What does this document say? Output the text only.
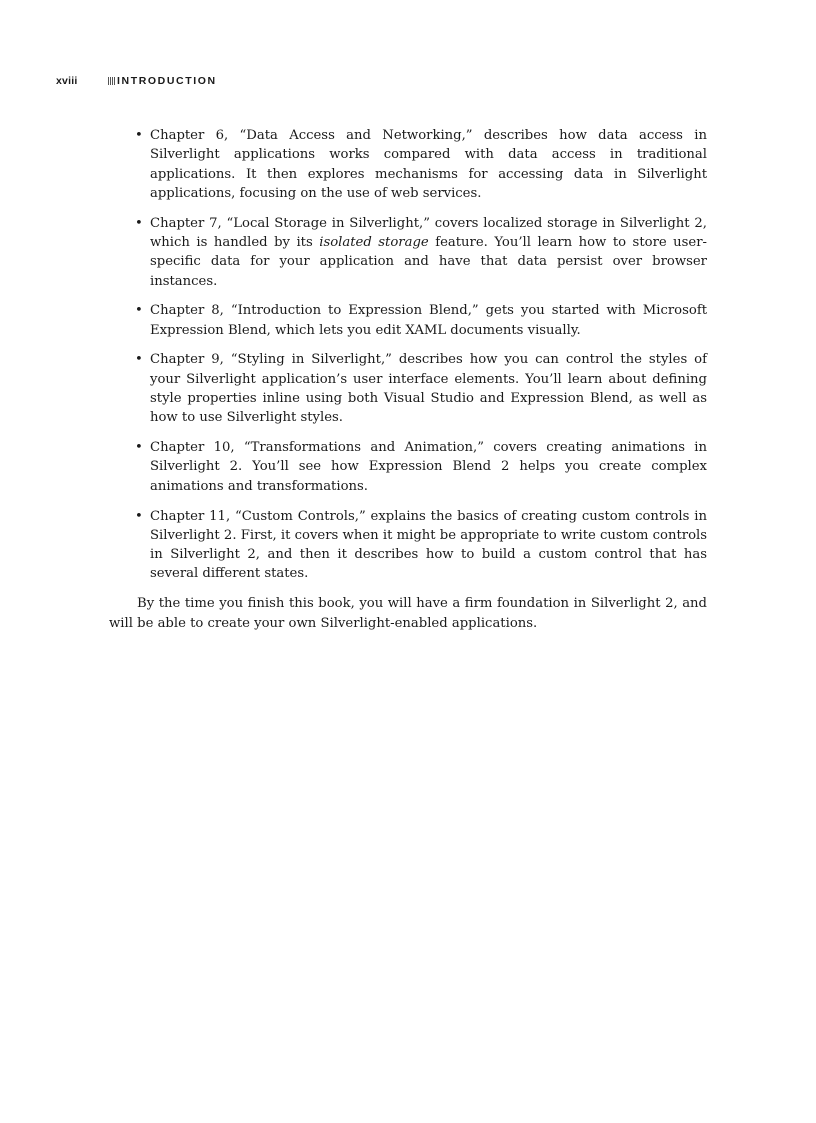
xviii	INTRODUCTION
• Chapter 6, “Data Access and Networking,” describes how data access in Silverlight applications works compared with data access in traditional applications. It then explores mechanisms for accessing data in Silverlight applications, focusing on the use of web services.
• Chapter 7, “Local Storage in Silverlight,” covers localized storage in Silverlight 2, which is handled by its isolated storage feature. You’ll learn how to store user-specific data for your application and have that data persist over browser instances.
• Chapter 8, “Introduction to Expression Blend,” gets you started with Microsoft Expression Blend, which lets you edit XAML documents visually.
• Chapter 9, “Styling in Silverlight,” describes how you can control the styles of your Silverlight application’s user interface elements. You’ll learn about defining style properties inline using both Visual Studio and Expression Blend, as well as how to use Silverlight styles.
• Chapter 10, “Transformations and Animation,” covers creating animations in Silverlight 2. You’ll see how Expression Blend 2 helps you create complex animations and transformations.
• Chapter 11, “Custom Controls,” explains the basics of creating custom controls in Silverlight 2. First, it covers when it might be appropriate to write custom controls in Silverlight 2, and then it describes how to build a custom control that has several different states.

By the time you finish this book, you will have a firm foundation in Silverlight 2, and will be able to create your own Silverlight-enabled applications.
